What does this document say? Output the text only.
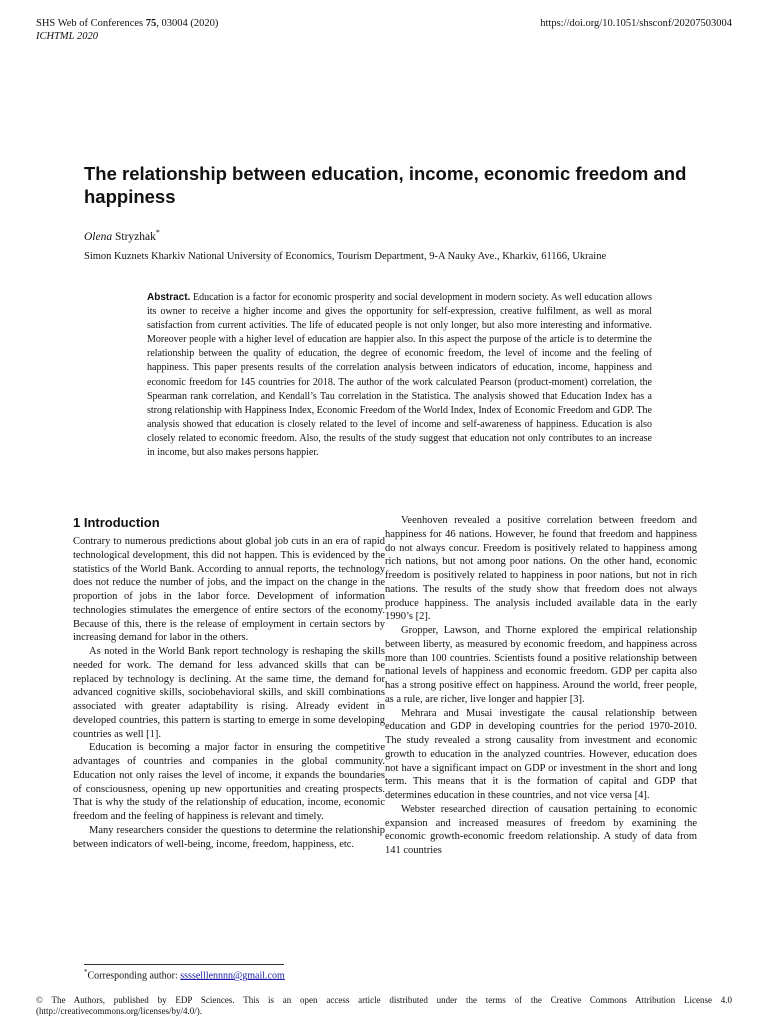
SHS Web of Conferences 75, 03004 (2020)
ICHTML 2020
https://doi.org/10.1051/shsconf/20207503004
The relationship between education, income, economic freedom and happiness
Olena Stryzhak*
Simon Kuznets Kharkiv National University of Economics, Tourism Department, 9-A Nauky Ave., Kharkiv, 61166, Ukraine

Abstract. Education is a factor for economic prosperity and social development in modern society. As well education allows its owner to receive a higher income and gives the opportunity for self-expression, creative fulfilment, as well as moral satisfaction from current activities. The life of educated people is not only longer, but also more interesting and informative. Moreover people with a higher level of education are happier also. In this aspect the purpose of the article is to determine the relationship between the quality of education, the degree of economic freedom, the level of income and the feeling of happiness. This paper presents results of the correlation analysis between indicators of education, income, happiness and economic freedom for 145 countries for 2018. The author of the work calculated Pearson (product-moment) correlation, the Spearman rank correlation, and Kendall’s Tau correlation in the Statistica. The analysis showed that Education Index has a strong relationship with Happiness Index, Economic Freedom of the World Index, Index of Economic Freedom and GDP. The analysis showed that education is closely related to the level of income and self-awareness of happiness. Education is also closely related to economic freedom. Also, the results of the study suggest that education not only contributes to an increase in income, but also makes persons happier.

1 Introduction

Contrary to numerous predictions about global job cuts in an era of rapid technological development, this did not happen. This is evidenced by the statistics of the World Bank. According to annual reports, the technology does not reduce the number of jobs, and the impact on the change in the proportion of jobs in the labor force. Development of information technologies stimulates the emergence of entire sectors of the economy. Because of this, there is the release of employment in certain sectors by increasing demand for labor in the others.

As noted in the World Bank report technology is reshaping the skills needed for work. The demand for less advanced skills that can be replaced by technology is declining. At the same time, the demand for advanced cognitive skills, sociobehavioral skills, and skill combinations associated with greater adaptability is rising. Already evident in developed countries, this pattern is starting to emerge in some developing countries as well [1].

Education is becoming a major factor in ensuring the competitive advantages of countries and companies in the global community. Education not only raises the level of income, it expands the boundaries of consciousness, opening up new opportunities and creating prospects. That is why the study of the relationship of education, income, economic freedom and the feeling of happiness is relevant and timely.

Many researchers consider the questions to determine the relationship between indicators of well-being, income, freedom, happiness, etc.

Veenhoven revealed a positive correlation between freedom and happiness for 46 nations. However, he found that freedom and happiness do not always concur. Freedom is positively related to happiness among rich nations, but not among poor nations. On the other hand, economic freedom is positively related to happiness in poor nations, but not in rich nations. The results of the study show that freedom does not always produce happiness. The analysis included available data in the early 1990’s [2].

Gropper, Lawson, and Thorne explored the empirical relationship between liberty, as measured by economic freedom, and happiness across more than 100 countries. Scientists found a positive relationship between national levels of happiness and economic freedom. GDP per capita also has a strong positive effect on happiness. Around the world, freer people, as a rule, are richer, live longer and happier [3].

Mehrara and Musai investigate the causal relationship between education and GDP in developing countries for the period 1970-2010. The study revealed a strong causality from investment and economic growth to education in the analyzed countries. However, education does not have a significant impact on GDP or investment in the short and long term. This means that it is the formation of capital and GDP that determines education in these countries, and not vice versa [4].

Webster researched direction of causation pertaining to economic expansion and increased measures of freedom by examining the economic growth-economic freedom relationship. A study of data from 141 countries

*Corresponding author: sssselllennnn@gmail.com
© The Authors, published by EDP Sciences. This is an open access article distributed under the terms of the Creative Commons Attribution License 4.0 (http://creativecommons.org/licenses/by/4.0/).
